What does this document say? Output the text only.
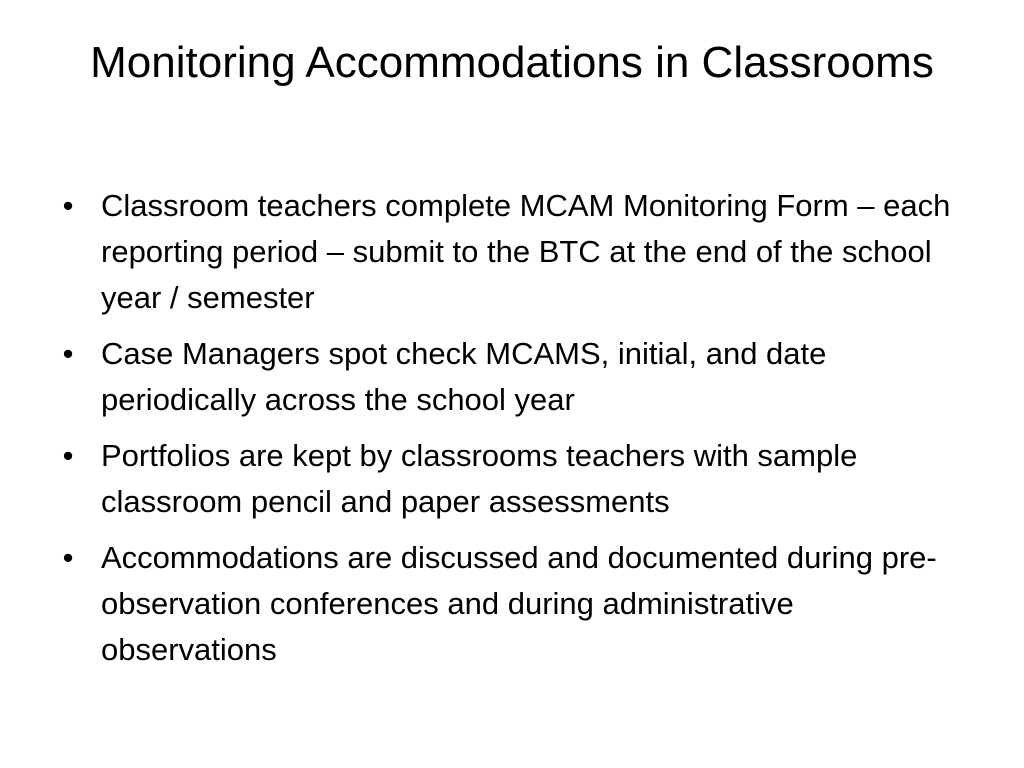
Monitoring Accommodations in Classrooms
• Classroom teachers complete MCAM Monitoring Form – each reporting period – submit to the BTC at the end of the school year / semester
• Case Managers spot check MCAMS, initial, and date periodically across the school year
• Portfolios are kept by classrooms teachers with sample classroom pencil and paper assessments
• Accommodations are discussed and documented during pre-observation conferences and during administrative observations
